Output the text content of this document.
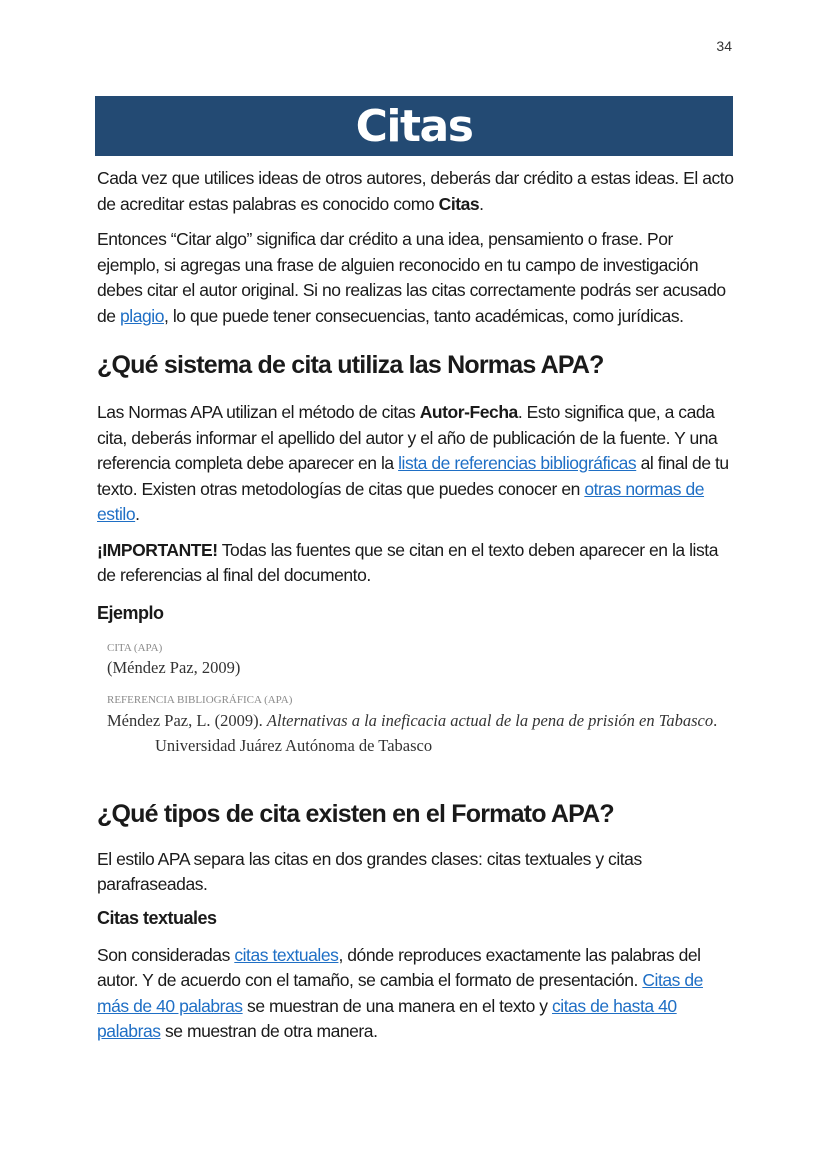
34
Citas

Cada vez que utilices ideas de otros autores, deberás dar crédito a estas ideas. El acto de acreditar estas palabras es conocido como Citas.

Entonces “Citar algo” significa dar crédito a una idea, pensamiento o frase. Por ejemplo, si agregas una frase de alguien reconocido en tu campo de investigación debes citar el autor original. Si no realizas las citas correctamente podrás ser acusado de plagio, lo que puede tener consecuencias, tanto académicas, como jurídicas.

¿Qué sistema de cita utiliza las Normas APA?

Las Normas APA utilizan el método de citas Autor-Fecha. Esto significa que, a cada cita, deberás informar el apellido del autor y el año de publicación de la fuente. Y una referencia completa debe aparecer en la lista de referencias bibliográficas al final de tu texto. Existen otras metodologías de citas que puedes conocer en otras normas de estilo.

¡IMPORTANTE! Todas las fuentes que se citan en el texto deben aparecer en la lista de referencias al final del documento.

Ejemplo
CITA (APA)
(Méndez Paz, 2009)
REFERENCIA BIBLIOGRÁFICA (APA)
Méndez Paz, L. (2009). Alternativas a la ineficacia actual de la pena de prisión en Tabasco. Universidad Juárez Autónoma de Tabasco
¿Qué tipos de cita existen en el Formato APA?

El estilo APA separa las citas en dos grandes clases: citas textuales y citas parafraseadas.

Citas textuales

Son consideradas citas textuales, dónde reproduces exactamente las palabras del autor. Y de acuerdo con el tamaño, se cambia el formato de presentación. Citas de más de 40 palabras se muestran de una manera en el texto y citas de hasta 40 palabras se muestran de otra manera.
